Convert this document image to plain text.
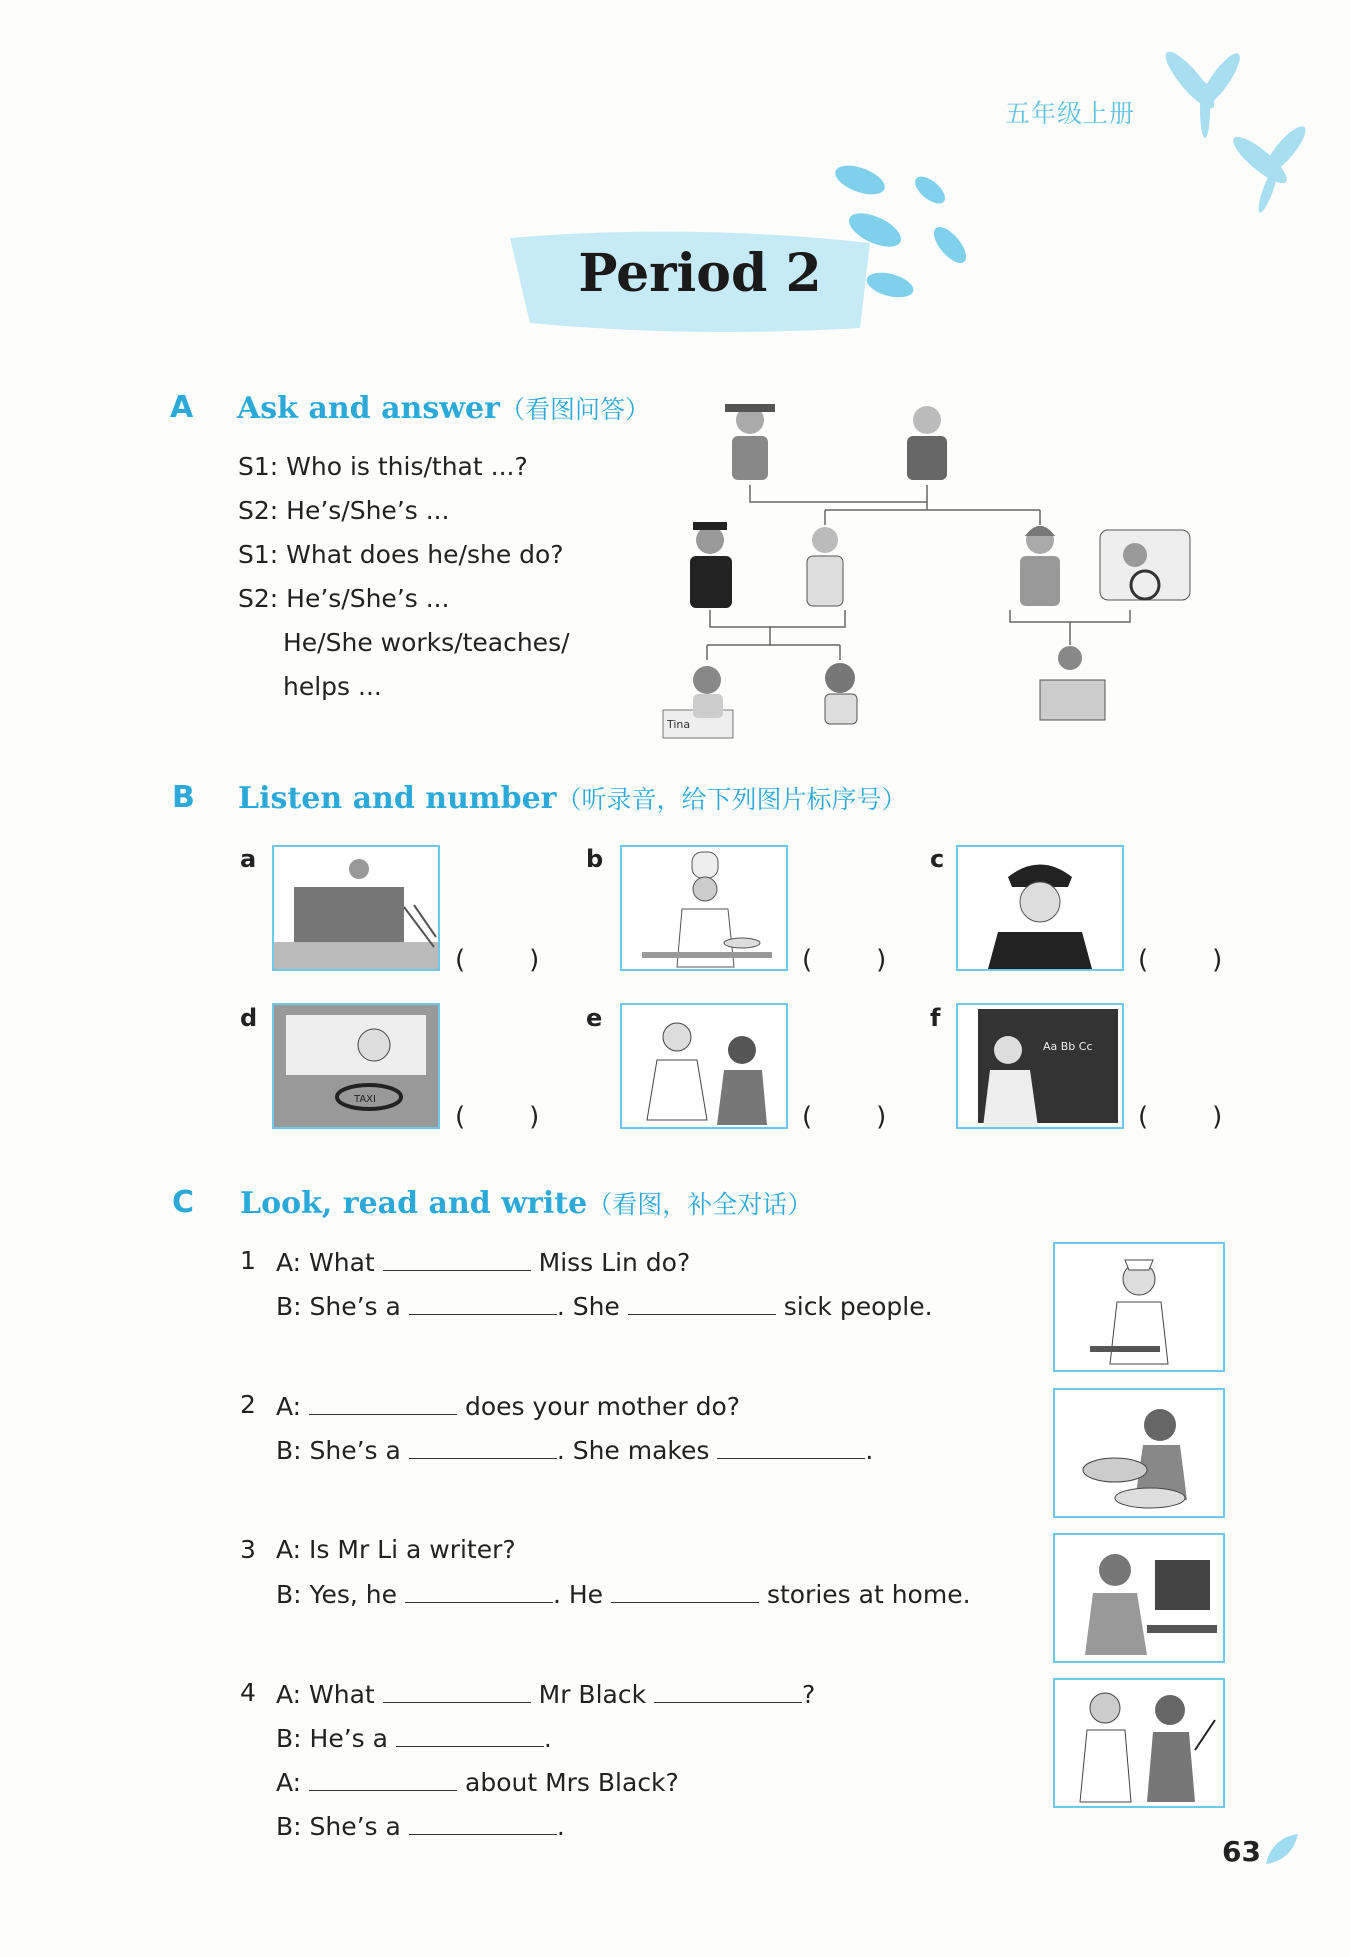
五年级上册
Period 2
A Ask and answer（看图问答）
S1: Who is this/that ...?
S2: He’s/She’s ...
S1: What does he/she do?
S2: He’s/She’s ...
He/She works/teaches/
helps ...
Tina
B Listen and number（听录音，给下列图片标序号）
a
( )
b
( )
c
( )
d
TAXI
( )
e
( )
f
Aa Bb Cc
( )
C Look, read and write（看图，补全对话）
1 A: What	Miss Lin do?
B: She’s a	. She	sick people.
2 A:	does your mother do?
B: She’s a	. She makes	.
3 A: Is Mr Li a writer?
B: Yes, he	. He	stories at home.
4 A: What	Mr Black	?
B: He’s a	.
A:	about Mrs Black?
B: She’s a	.
63
